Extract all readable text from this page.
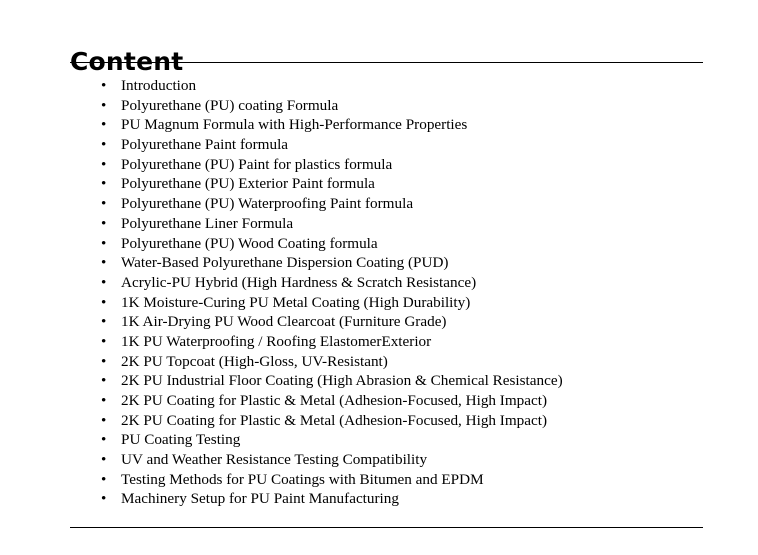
Content
• Introduction
• Polyurethane (PU) coating Formula
• PU Magnum Formula with High-Performance Properties
• Polyurethane Paint formula
• Polyurethane (PU) Paint for plastics formula
• Polyurethane (PU) Exterior Paint formula
• Polyurethane (PU) Waterproofing Paint formula
• Polyurethane Liner Formula
• Polyurethane (PU) Wood Coating formula
• Water-Based Polyurethane Dispersion Coating (PUD)
• Acrylic-PU Hybrid (High Hardness & Scratch Resistance)
• 1K Moisture-Curing PU Metal Coating (High Durability)
• 1K Air-Drying PU Wood Clearcoat (Furniture Grade)
• 1K PU Waterproofing / Roofing ElastomerExterior
• 2K PU Topcoat (High-Gloss, UV-Resistant)
• 2K PU Industrial Floor Coating (High Abrasion & Chemical Resistance)
• 2K PU Coating for Plastic & Metal (Adhesion-Focused, High Impact)
• 2K PU Coating for Plastic & Metal (Adhesion-Focused, High Impact)
• PU Coating Testing
• UV and Weather Resistance Testing Compatibility
• Testing Methods for PU Coatings with Bitumen and EPDM
• Machinery Setup for PU Paint Manufacturing
